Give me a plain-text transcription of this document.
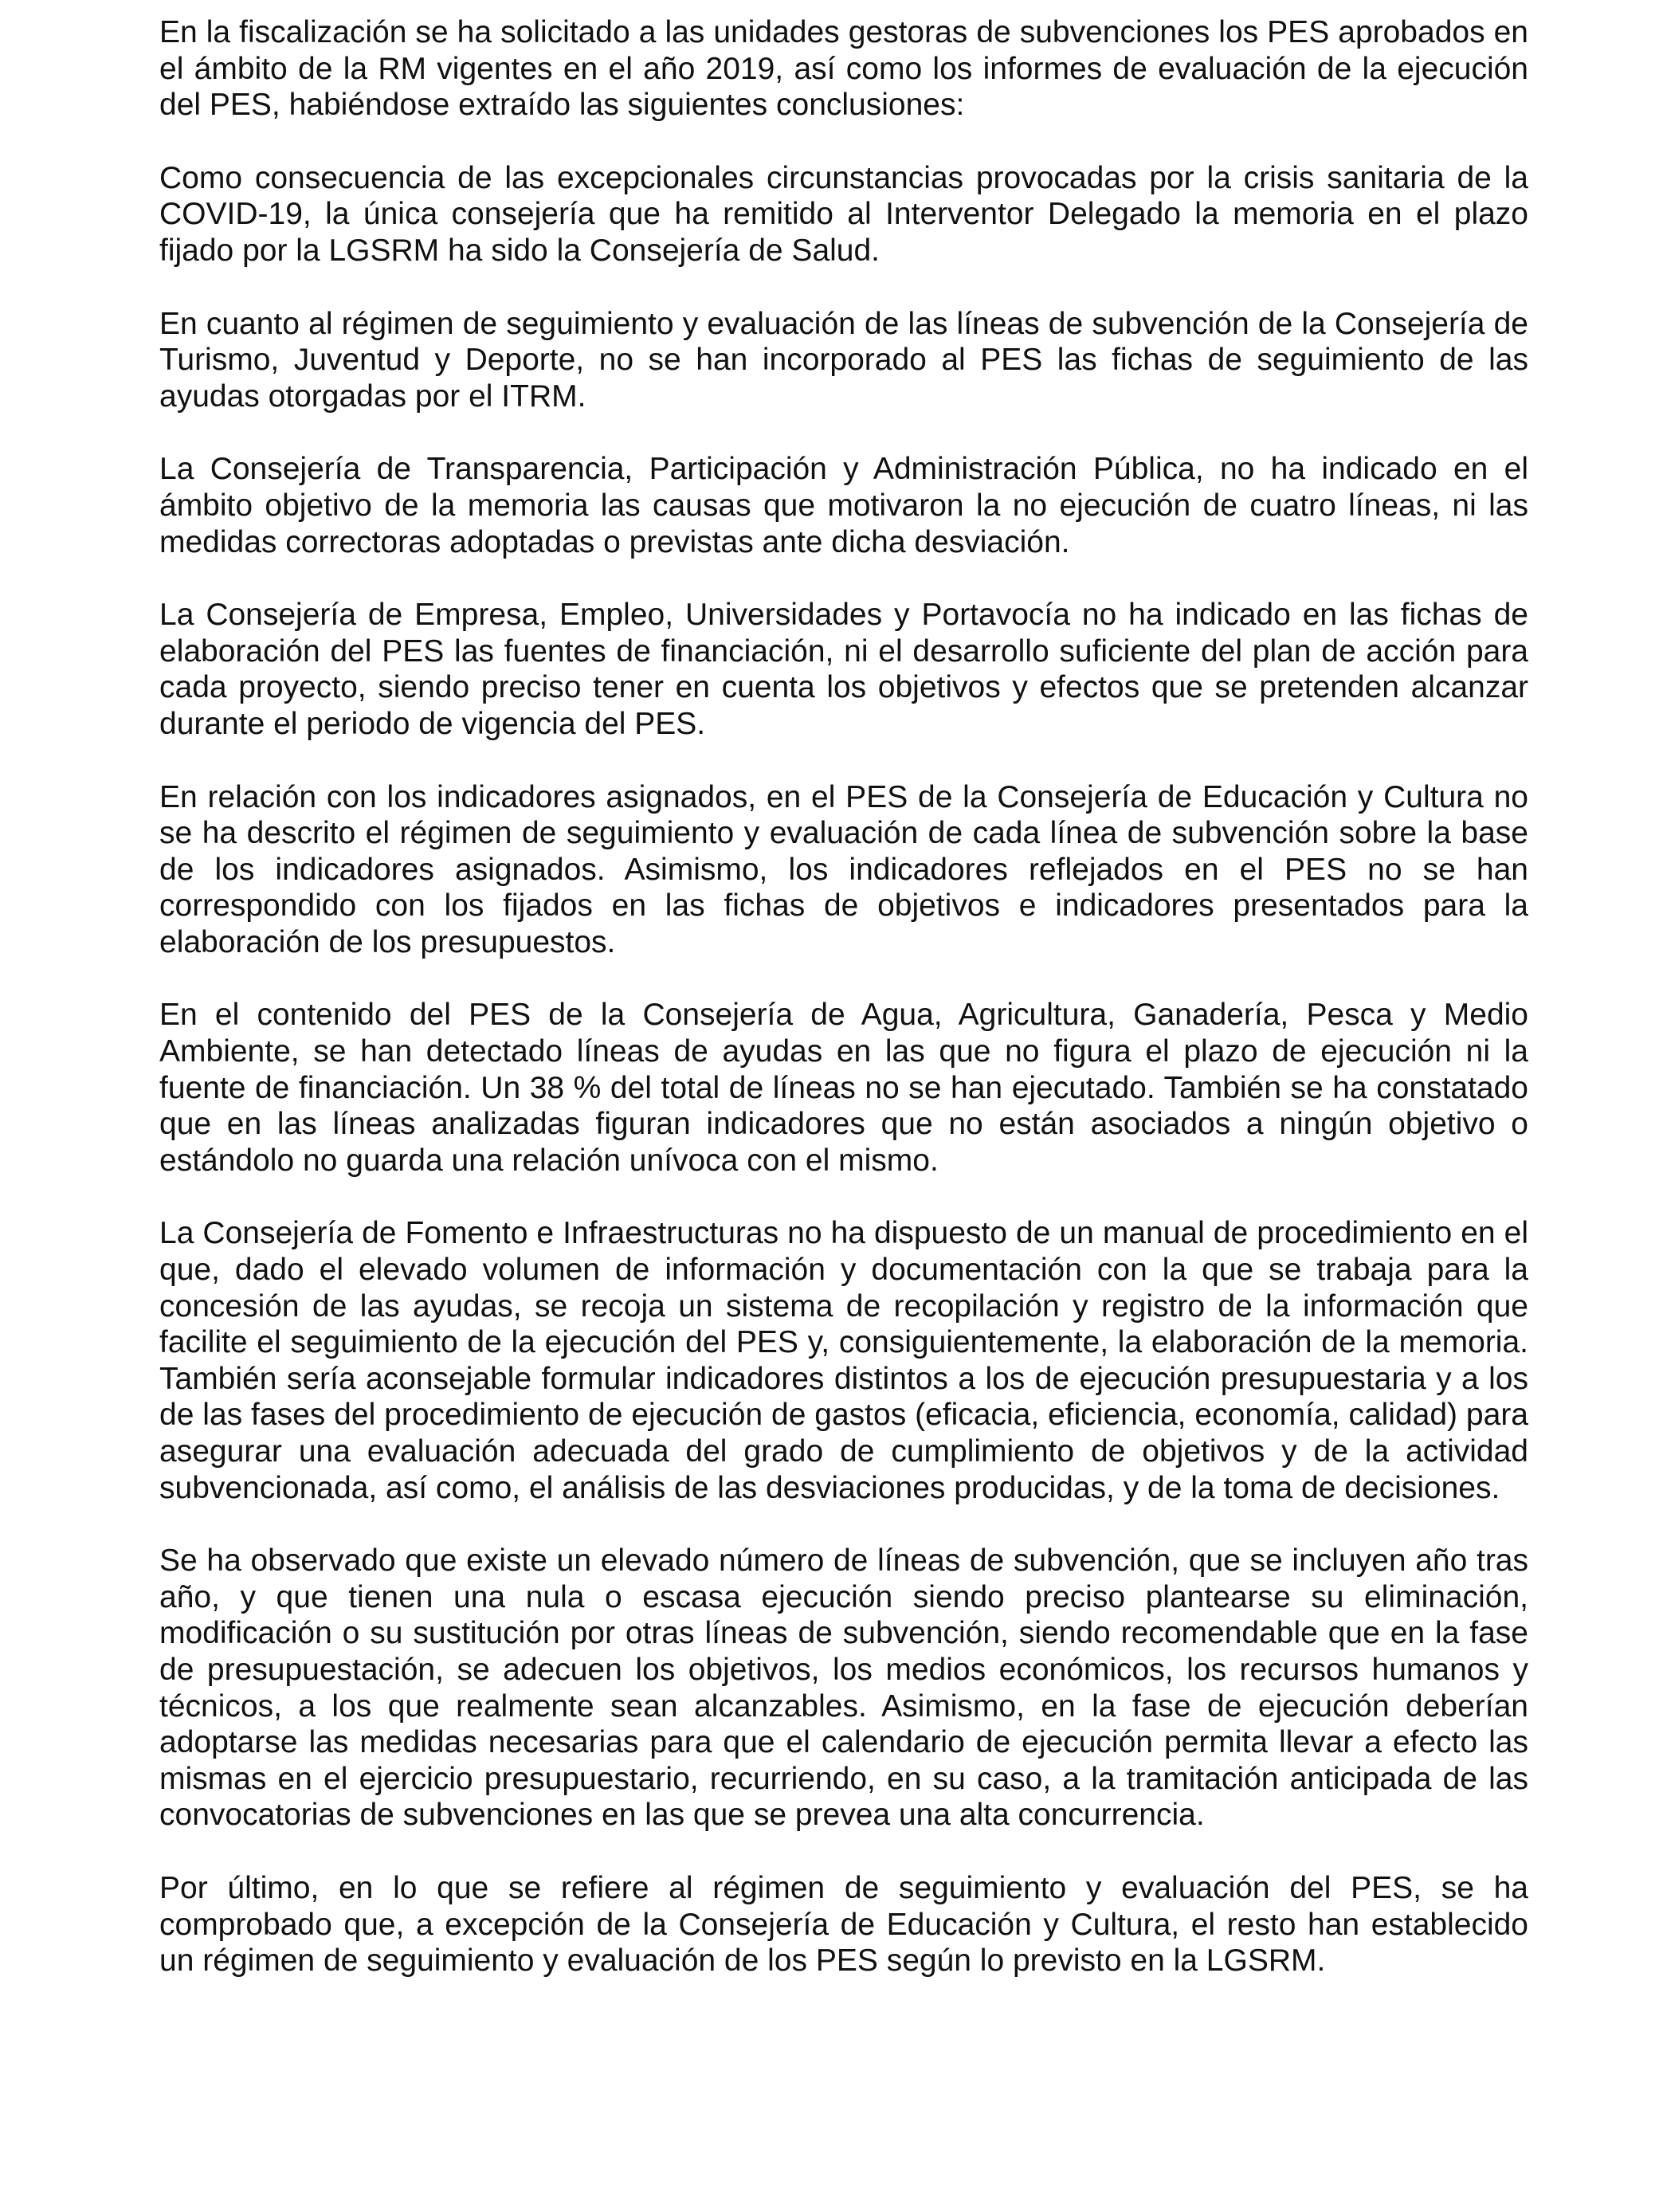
En la fiscalización se ha solicitado a las unidades gestoras de subvenciones los PES aprobados en el ámbito de la RM vigentes en el año 2019, así como los informes de evaluación de la ejecución del PES, habiéndose extraído las siguientes conclusiones:

Como consecuencia de las excepcionales circunstancias provocadas por la crisis sanitaria de la COVID-19, la única consejería que ha remitido al Interventor Delegado la memoria en el plazo fijado por la LGSRM ha sido la Consejería de Salud.

En cuanto al régimen de seguimiento y evaluación de las líneas de subvención de la Consejería de Turismo, Juventud y Deporte, no se han incorporado al PES las fichas de seguimiento de las ayudas otorgadas por el ITRM.

La Consejería de Transparencia, Participación y Administración Pública, no ha indicado en el ámbito objetivo de la memoria las causas que motivaron la no ejecución de cuatro líneas, ni las medidas correctoras adoptadas o previstas ante dicha desviación.

La Consejería de Empresa, Empleo, Universidades y Portavocía no ha indicado en las fichas de elaboración del PES las fuentes de financiación, ni el desarrollo suficiente del plan de acción para cada proyecto, siendo preciso tener en cuenta los objetivos y efectos que se pretenden alcanzar durante el periodo de vigencia del PES.

En relación con los indicadores asignados, en el PES de la Consejería de Educación y Cultura no se ha descrito el régimen de seguimiento y evaluación de cada línea de subvención sobre la base de los indicadores asignados. Asimismo, los indicadores reflejados en el PES no se han correspondido con los fijados en las fichas de objetivos e indicadores presentados para la elaboración de los presupuestos.

En el contenido del PES de la Consejería de Agua, Agricultura, Ganadería, Pesca y Medio Ambiente, se han detectado líneas de ayudas en las que no figura el plazo de ejecución ni la fuente de financiación. Un 38 % del total de líneas no se han ejecutado. También se ha constatado que en las líneas analizadas figuran indicadores que no están asociados a ningún objetivo o estándolo no guarda una relación unívoca con el mismo.

La Consejería de Fomento e Infraestructuras no ha dispuesto de un manual de procedimiento en el que, dado el elevado volumen de información y documentación con la que se trabaja para la concesión de las ayudas, se recoja un sistema de recopilación y registro de la información que facilite el seguimiento de la ejecución del PES y, consiguientemente, la elaboración de la memoria. También sería aconsejable formular indicadores distintos a los de ejecución presupuestaria y a los de las fases del procedimiento de ejecución de gastos (eficacia, eficiencia, economía, calidad) para asegurar una evaluación adecuada del grado de cumplimiento de objetivos y de la actividad subvencionada, así como, el análisis de las desviaciones producidas, y de la toma de decisiones.

Se ha observado que existe un elevado número de líneas de subvención, que se incluyen año tras año, y que tienen una nula o escasa ejecución siendo preciso plantearse su eliminación, modificación o su sustitución por otras líneas de subvención, siendo recomendable que en la fase de presupuestación, se adecuen los objetivos, los medios económicos, los recursos humanos y técnicos, a los que realmente sean alcanzables. Asimismo, en la fase de ejecución deberían adoptarse las medidas necesarias para que el calendario de ejecución permita llevar a efecto las mismas en el ejercicio presupuestario, recurriendo, en su caso, a la tramitación anticipada de las convocatorias de subvenciones en las que se prevea una alta concurrencia.

Por último, en lo que se refiere al régimen de seguimiento y evaluación del PES, se ha comprobado que, a excepción de la Consejería de Educación y Cultura, el resto han establecido un régimen de seguimiento y evaluación de los PES según lo previsto en la LGSRM.
